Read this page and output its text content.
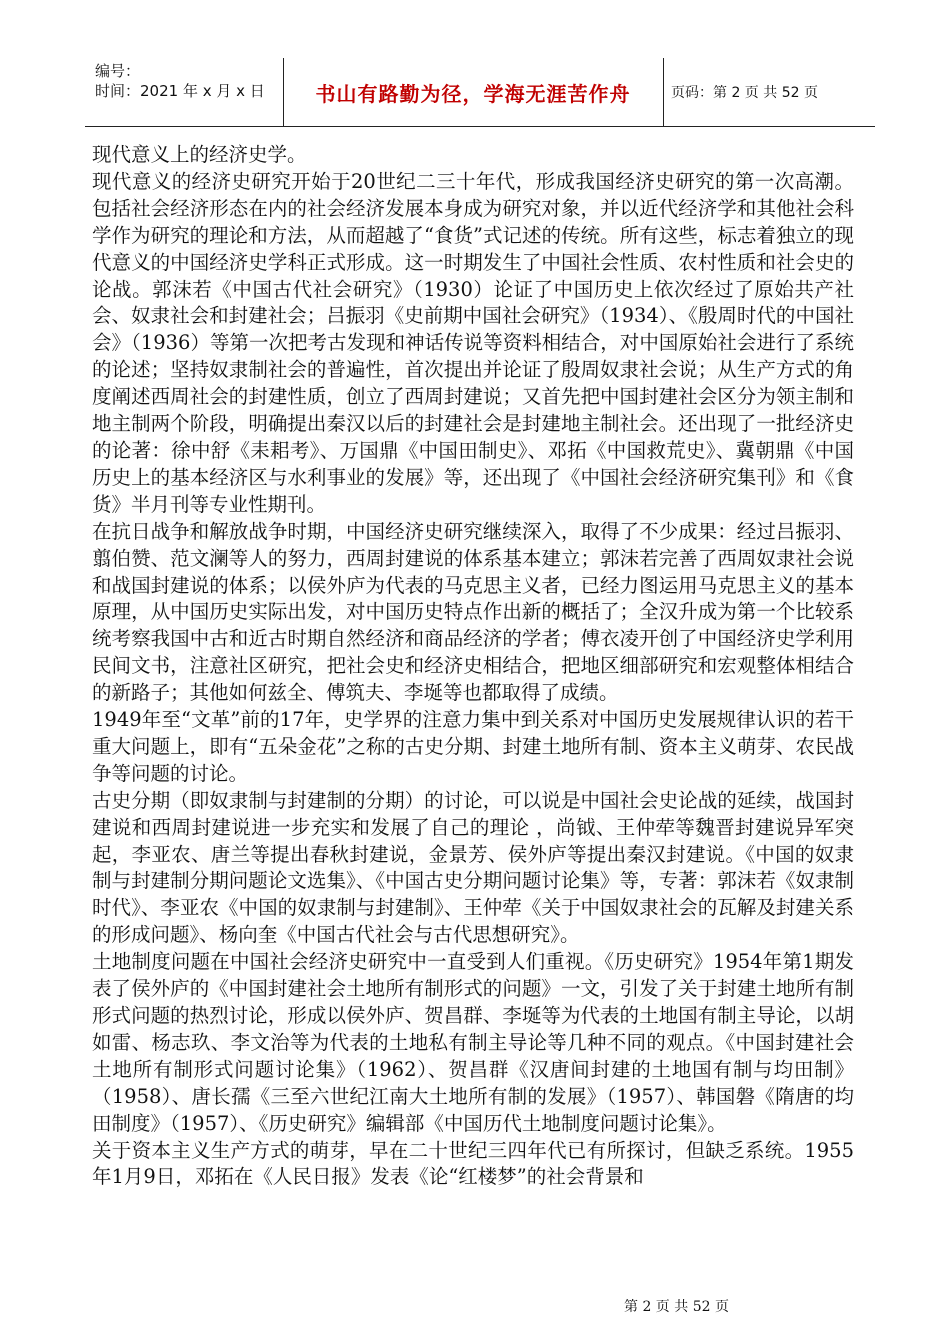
编号：
时间：2021 年 x 月 x 日	书山有路勤为径，学海无涯苦作舟	页码：第 2 页 共 52 页

现代意义上的经济史学。

现代意义的经济史研究开始于20世纪二三十年代，形成我国经济史研究的第一次高潮。包括社会经济形态在内的社会经济发展本身成为研究对象，并以近代经济学和其他社会科学作为研究的理论和方法，从而超越了“食货”式记述的传统。所有这些，标志着独立的现代意义的中国经济史学科正式形成。这一时期发生了中国社会性质、农村性质和社会史的论战。郭沫若《中国古代社会研究》（1930）论证了中国历史上依次经过了原始共产社会、奴隶社会和封建社会；吕振羽《史前期中国社会研究》（1934）、《殷周时代的中国社会》（1936）等第一次把考古发现和神话传说等资料相结合，对中国原始社会进行了系统的论述；坚持奴隶制社会的普遍性，首次提出并论证了殷周奴隶社会说；从生产方式的角度阐述西周社会的封建性质，创立了西周封建说；又首先把中国封建社会区分为领主制和地主制两个阶段，明确提出秦汉以后的封建社会是封建地主制社会。还出现了一批经济史的论著：徐中舒《耒耜考》、万国鼎《中国田制史》、邓拓《中国救荒史》、冀朝鼎《中国历史上的基本经济区与水利事业的发展》等，还出现了《中国社会经济研究集刊》和《食货》半月刊等专业性期刊。

在抗日战争和解放战争时期，中国经济史研究继续深入，取得了不少成果：经过吕振羽、翦伯赞、范文澜等人的努力，西周封建说的体系基本建立；郭沫若完善了西周奴隶社会说和战国封建说的体系；以侯外庐为代表的马克思主义者，已经力图运用马克思主义的基本原理，从中国历史实际出发，对中国历史特点作出新的概括了；全汉升成为第一个比较系统考察我国中古和近古时期自然经济和商品经济的学者；傅衣凌开创了中国经济史学利用民间文书，注意社区研究，把社会史和经济史相结合，把地区细部研究和宏观整体相结合的新路子；其他如何兹全、傅筑夫、李埏等也都取得了成绩。

1949年至“文革”前的17年，史学界的注意力集中到关系对中国历史发展规律认识的若干重大问题上，即有“五朵金花”之称的古史分期、封建土地所有制、资本主义萌芽、农民战争等问题的讨论。

古史分期（即奴隶制与封建制的分期）的讨论，可以说是中国社会史论战的延续，战国封建说和西周封建说进一步充实和发展了自己的理论 ，尚钺、王仲荦等魏晋封建说异军突起，李亚农、唐兰等提出春秋封建说，金景芳、侯外庐等提出秦汉封建说。《中国的奴隶制与封建制分期问题论文选集》、《中国古史分期问题讨论集》等，专著：郭沫若《奴隶制时代》、李亚农《中国的奴隶制与封建制》、王仲荦《关于中国奴隶社会的瓦解及封建关系的形成问题》、杨向奎《中国古代社会与古代思想研究》。

土地制度问题在中国社会经济史研究中一直受到人们重视。《历史研究》1954年第1期发表了侯外庐的《中国封建社会土地所有制形式的问题》一文，引发了关于封建土地所有制形式问题的热烈讨论，形成以侯外庐、贺昌群、李埏等为代表的土地国有制主导论，以胡如雷、杨志玖、李文治等为代表的土地私有制主导论等几种不同的观点。《中国封建社会土地所有制形式问题讨论集》（1962）、贺昌群《汉唐间封建的土地国有制与均田制》（1958）、唐长孺《三至六世纪江南大土地所有制的发展》（1957）、韩国磐《隋唐的均田制度》（1957）、《历史研究》编辑部《中国历代土地制度问题讨论集》。

关于资本主义生产方式的萌芽，早在二十世纪三四年代已有所探讨，但缺乏系统。1955年1月9日，邓拓在《人民日报》发表《论“红楼梦”的社会背景和

第 2 页 共 52 页
